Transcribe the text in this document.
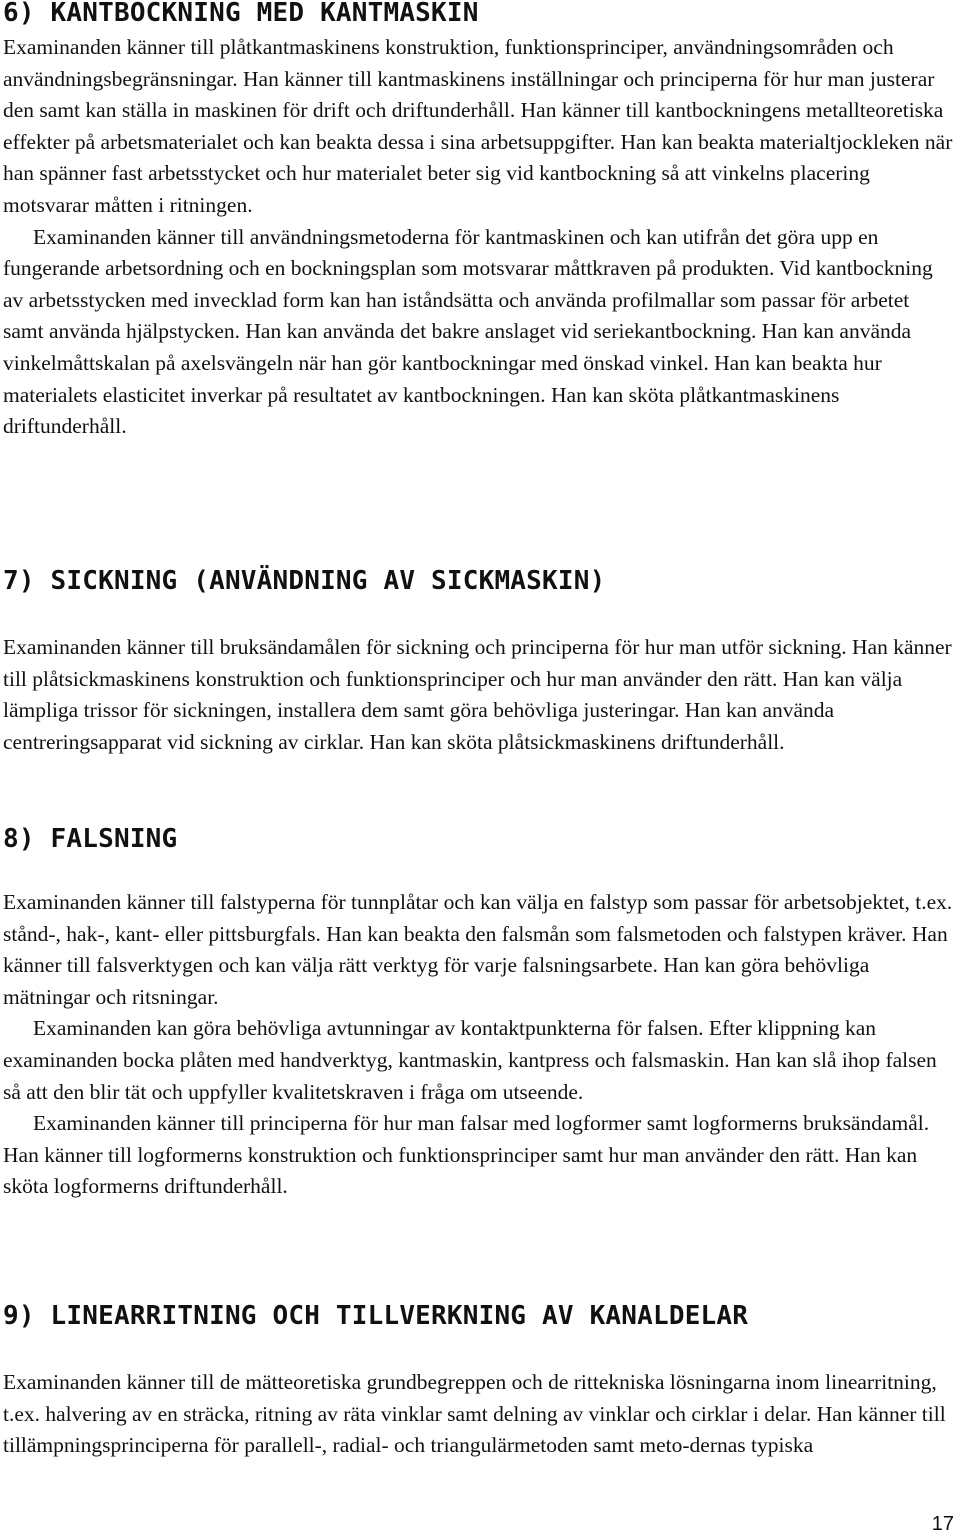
6) KANTBOCKNING MED KANTMASKIN

Examinanden känner till plåtkantmaskinens konstruktion, funktionsprinciper, användningsområden och användningsbegränsningar. Han känner till kantmaskinens inställningar och principerna för hur man justerar den samt kan ställa in maskinen för drift och driftunderhåll. Han känner till kantbockningens metallteoretiska effekter på arbetsmaterialet och kan beakta dessa i sina arbetsuppgifter. Han kan beakta materialtjockleken när han spänner fast arbetsstycket och hur materialet beter sig vid kantbockning så att vinkelns placering motsvarar måtten i ritningen.

Examinanden känner till användningsmetoderna för kantmaskinen och kan utifrån det göra upp en fungerande arbetsordning och en bockningsplan som motsvarar måttkraven på produkten. Vid kantbockning av arbetsstycken med invecklad form kan han iståndsätta och använda profilmallar som passar för arbetet samt använda hjälpstycken. Han kan använda det bakre anslaget vid seriekantbockning. Han kan använda vinkelmåttskalan på axelsvängeln när han gör kantbockningar med önskad vinkel. Han kan beakta hur materialets elasticitet inverkar på resultatet av kantbockningen. Han kan sköta plåtkantmaskinens driftunderhåll.

7) SICKNING (ANVÄNDNING AV SICKMASKIN)

Examinanden känner till bruksändamålen för sickning och principerna för hur man utför sickning. Han känner till plåtsickmaskinens konstruktion och funktionsprinciper och hur man använder den rätt. Han kan välja lämpliga trissor för sickningen, installera dem samt göra behövliga justeringar. Han kan använda centreringsapparat vid sickning av cirklar. Han kan sköta plåtsickmaskinens driftunderhåll.

8) FALSNING

Examinanden känner till falstyperna för tunnplåtar och kan välja en falstyp som passar för arbetsobjektet, t.ex. stånd-, hak-, kant- eller pittsburgfals. Han kan beakta den falsmån som falsmetoden och falstypen kräver. Han känner till falsverktygen och kan välja rätt verktyg för varje falsningsarbete. Han kan göra behövliga mätningar och ritsningar.

Examinanden kan göra behövliga avtunningar av kontaktpunkterna för falsen. Efter klippning kan examinanden bocka plåten med handverktyg, kantmaskin, kantpress och falsmaskin. Han kan slå ihop falsen så att den blir tät och uppfyller kvalitetskraven i fråga om utseende.

Examinanden känner till principerna för hur man falsar med logformer samt logformerns bruksändamål. Han känner till logformerns konstruktion och funktionsprinciper samt hur man använder den rätt. Han kan sköta logformerns driftunderhåll.

9) LINEARRITNING OCH TILLVERKNING AV KANALDELAR

Examinanden känner till de mätteoretiska grundbegreppen och de rittekniska lösningarna inom linearritning, t.ex. halvering av en sträcka, ritning av räta vinklar samt delning av vinklar och cirklar i delar. Han känner till tillämpningsprinciperna för parallell-, radial- och triangulärmetoden samt meto-dernas typiska

17
